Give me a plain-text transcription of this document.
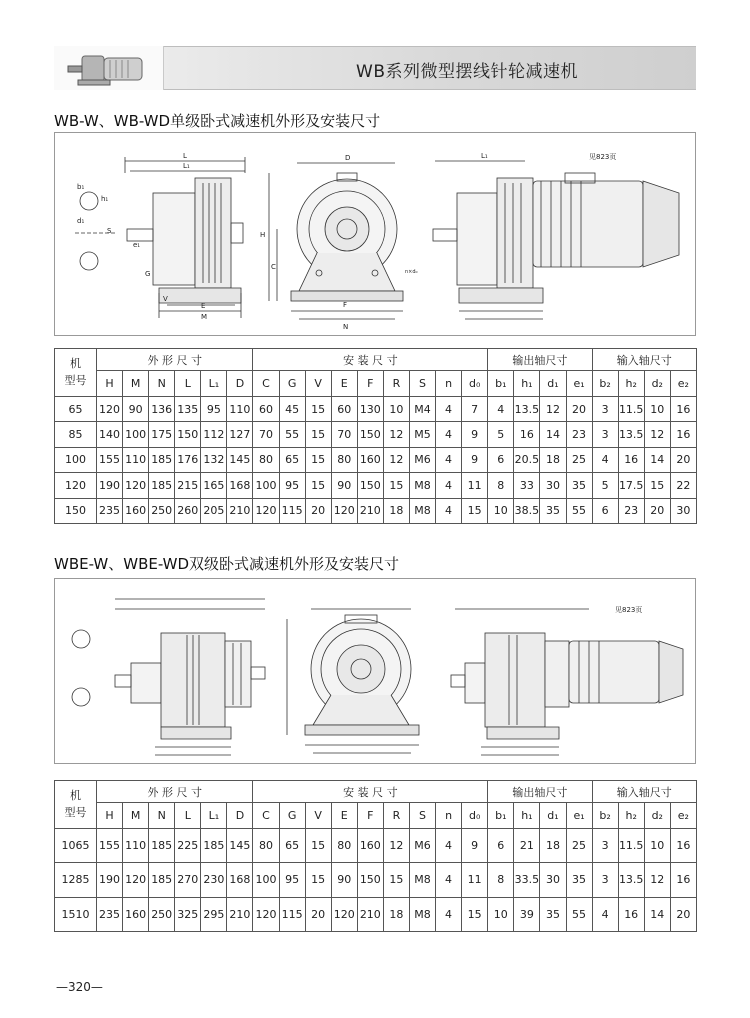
WB系列微型摆线针轮减速机
WB-W、WB-WD单级卧式减速机外形及安装尺寸
L
L₁
G
E
M
V
S
b₁
h₁
d₁
e₁
D
H
C
F
N
n×d₀
L₁	见823页
机
型号	外 形 尺 寸						安 装 尺 寸									输出轴尺寸				输入轴尺寸			
	H	M	N	L	L₁	D	C	G	V	E	F	R	S	n	d₀	b₁	h₁	d₁	e₁	b₂	h₂	d₂	e₂
65	120	90	136	135	95	110	60	45	15	60	130	10	M4	4	7	4	13.5	12	20	3	11.5	10	16
85	140	100	175	150	112	127	70	55	15	70	150	12	M5	4	9	5	16	14	23	3	13.5	12	16
100	155	110	185	176	132	145	80	65	15	80	160	12	M6	4	9	6	20.5	18	25	4	16	14	20
120	190	120	185	215	165	168	100	95	15	90	150	15	M8	4	11	8	33	30	35	5	17.5	15	22
150	235	160	250	260	205	210	120	115	20	120	210	18	M8	4	15	10	38.5	35	55	6	23	20	30
WBE-W、WBE-WD双级卧式减速机外形及安装尺寸
见823页
机
型号	外 形 尺 寸						安 装 尺 寸									输出轴尺寸				输入轴尺寸			
	H	M	N	L	L₁	D	C	G	V	E	F	R	S	n	d₀	b₁	h₁	d₁	e₁	b₂	h₂	d₂	e₂
1065	155	110	185	225	185	145	80	65	15	80	160	12	M6	4	9	6	21	18	25	3	11.5	10	16
1285	190	120	185	270	230	168	100	95	15	90	150	15	M8	4	11	8	33.5	30	35	3	13.5	12	16
1510	235	160	250	325	295	210	120	115	20	120	210	18	M8	4	15	10	39	35	55	4	16	14	20
—320—
